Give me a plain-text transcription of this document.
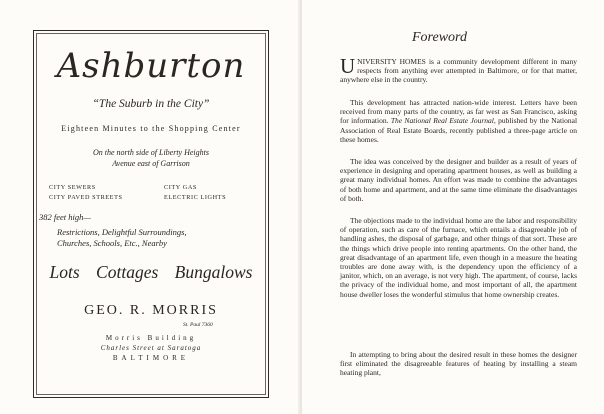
Ashburton
“The Suburb in the City”
Eighteen Minutes to the Shopping Center
On the north side of Liberty Heights
Avenue east of Garrison
CITY SEWERS
CITY PAVED STREETS
CITY GAS
ELECTRIC LIGHTS
382 feet high—
Restrictions, Delightful Surroundings,
Churches, Schools, Etc., Nearby
Lots Cottages Bungalows
GEO. R. MORRIS
St. Paul 7360
Morris Building
Charles Street at Saratoga
BALTIMORE
Foreword
UNIVERSITY HOMES is a community development different in many respects from anything ever attempted in Baltimore, or for that matter, anywhere else in the country.

This development has attracted nation-wide interest. Letters have been received from many parts of the country, as far west as San Francisco, asking for information. The National Real Estate Journal, published by the National Association of Real Estate Boards, recently published a three-page article on these homes.

The idea was conceived by the designer and builder as a result of years of experience in designing and operating apartment houses, as well as building a great many individual homes. An effort was made to combine the advantages of both home and apartment, and at the same time eliminate the disadvantages of both.

The objections made to the individual home are the labor and responsibility of operation, such as care of the furnace, which entails a disagreeable job of handling ashes, the disposal of garbage, and other things of that sort. These are the things which drive people into renting apartments. On the other hand, the great disadvantage of an apartment life, even though in a measure the heating troubles are done away with, is the dependency upon the efficiency of a janitor, which, on an average, is not very high. The apartment, of course, lacks the privacy of the individual home, and most important of all, the apartment house dweller loses the wonderful stimulus that home ownership creates.

In attempting to bring about the desired result in these homes the designer first eliminated the disagreeable features of heating by installing a steam heating plant,
